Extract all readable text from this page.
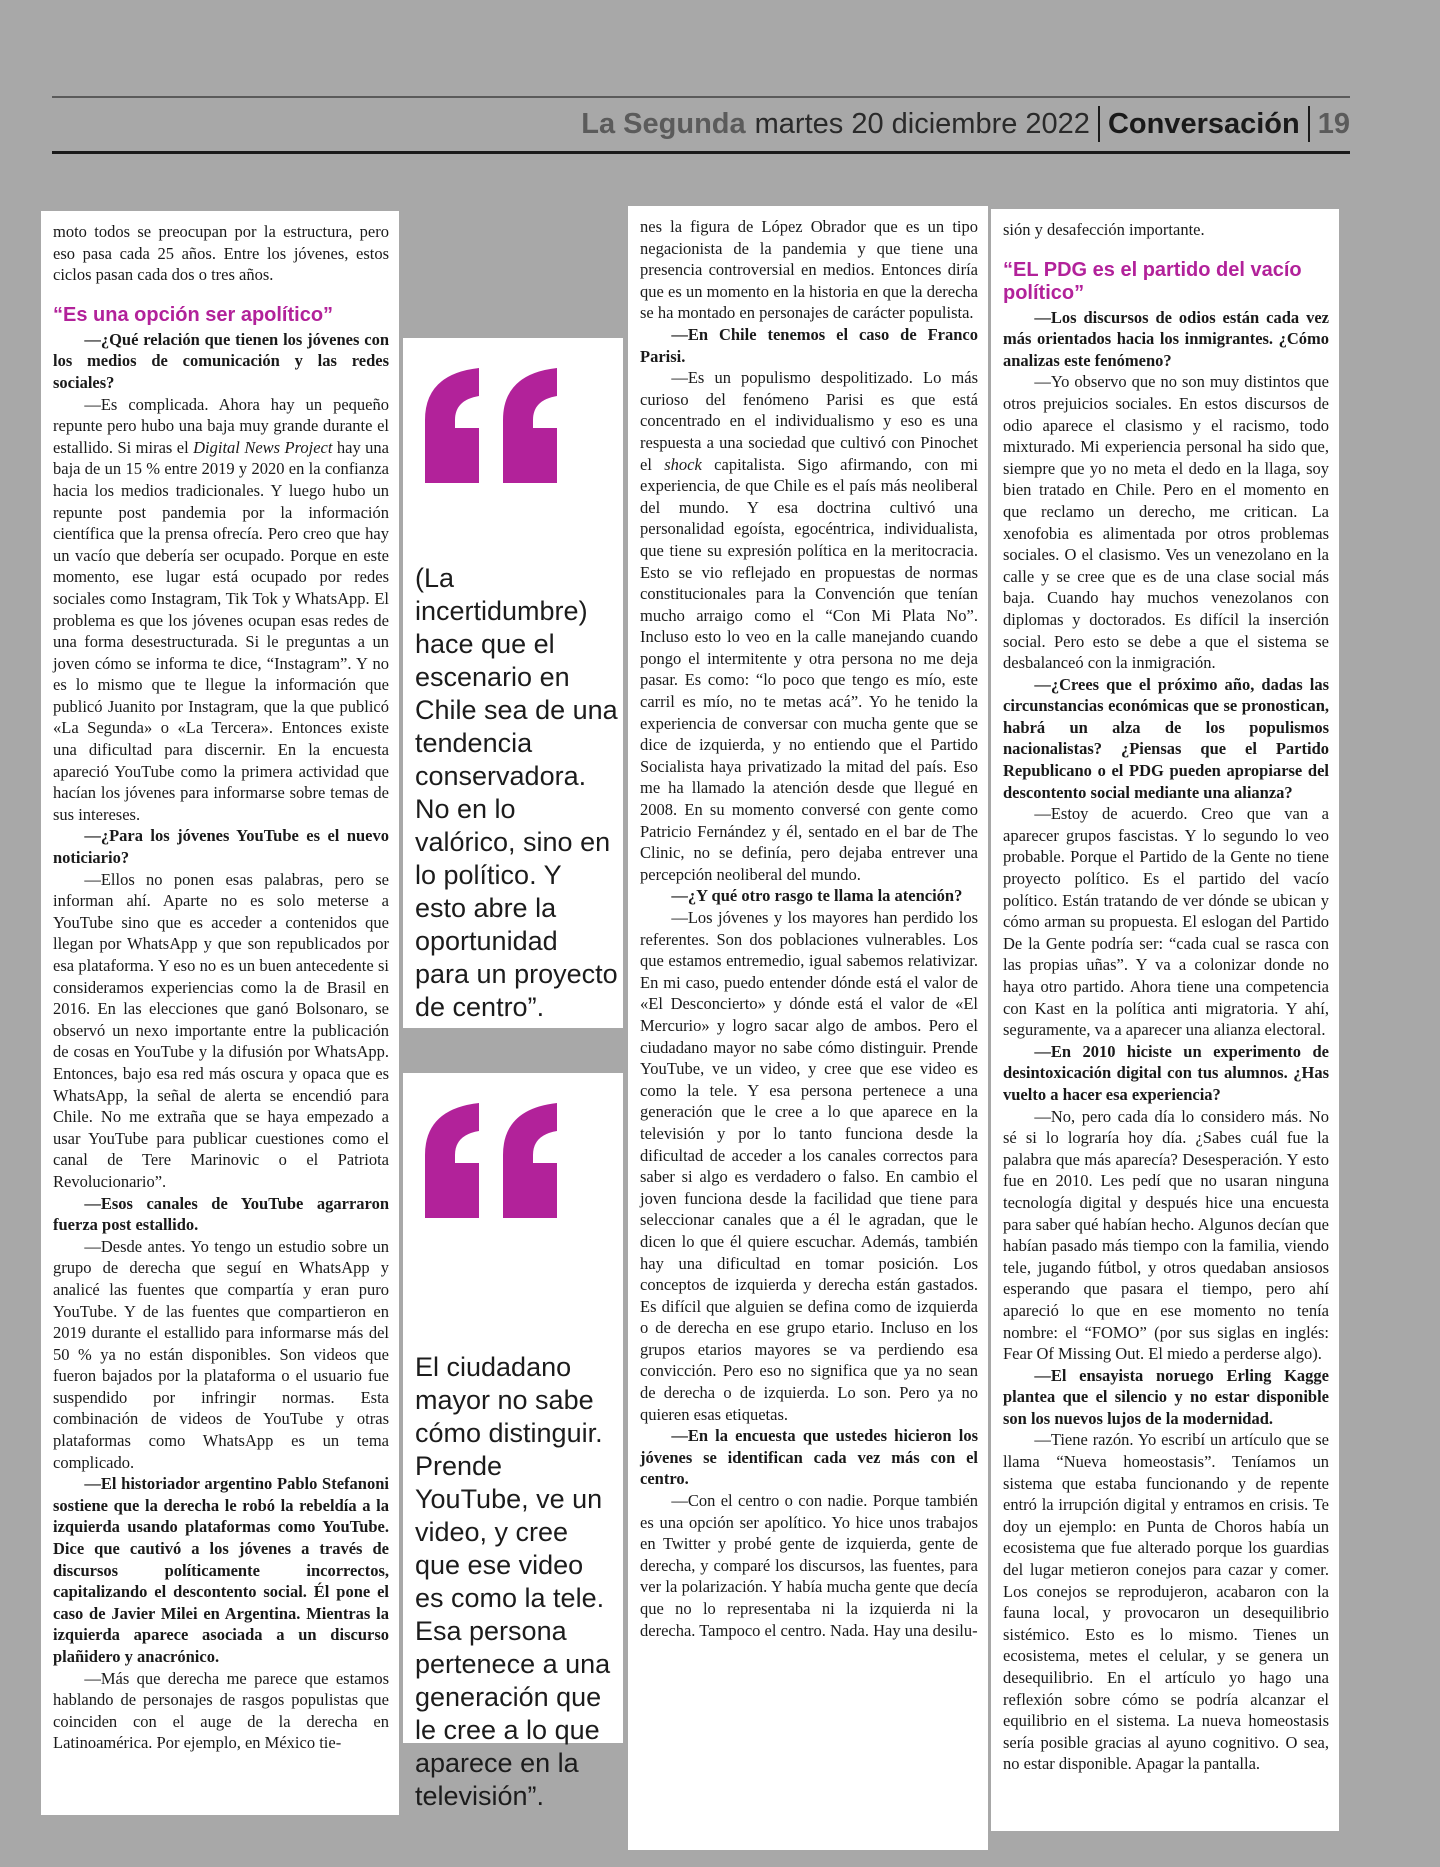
La Segunda martes 20 diciembre 2022 Conversación 19

moto todos se preocupan por la estructura, pero eso pasa cada 25 años. Entre los jóvenes, estos ciclos pasan cada dos o tres años.

“Es una opción ser apolítico”

—¿Qué relación que tienen los jóvenes con los medios de comunicación y las redes sociales?

—Es complicada. Ahora hay un pequeño repunte pero hubo una baja muy grande durante el estallido. Si miras el Digital News Project hay una baja de un 15 % entre 2019 y 2020 en la confianza hacia los medios tradicionales. Y luego hubo un repunte post pandemia por la información científica que la prensa ofrecía. Pero creo que hay un vacío que debería ser ocupado. Porque en este momento, ese lugar está ocupado por redes sociales como Instagram, Tik Tok y WhatsApp. El problema es que los jóvenes ocupan esas redes de una forma desestructurada. Si le preguntas a un joven cómo se informa te dice, “Instagram”. Y no es lo mismo que te llegue la información que publicó Juanito por Instagram, que la que publicó «La Segunda» o «La Tercera». Entonces existe una dificultad para discernir. En la encuesta apareció YouTube como la primera actividad que hacían los jóvenes para informarse sobre temas de sus intereses.

—¿Para los jóvenes YouTube es el nuevo noticiario?

—Ellos no ponen esas palabras, pero se informan ahí. Aparte no es solo meterse a YouTube sino que es acceder a contenidos que llegan por WhatsApp y que son republicados por esa plataforma. Y eso no es un buen antecedente si consideramos experiencias como la de Brasil en 2016. En las elecciones que ganó Bolsonaro, se observó un nexo importante entre la publicación de cosas en YouTube y la difusión por WhatsApp. Entonces, bajo esa red más oscura y opaca que es WhatsApp, la señal de alerta se encendió para Chile. No me extraña que se haya empezado a usar YouTube para publicar cuestiones como el canal de Tere Marinovic o el Patriota Revolucionario”.

—Esos canales de YouTube agarraron fuerza post estallido.

—Desde antes. Yo tengo un estudio sobre un grupo de derecha que seguí en WhatsApp y analicé las fuentes que compartía y eran puro YouTube. Y de las fuentes que compartieron en 2019 durante el estallido para informarse más del 50 % ya no están disponibles. Son videos que fueron bajados por la plataforma o el usuario fue suspendido por infringir normas. Esta combinación de videos de YouTube y otras plataformas como WhatsApp es un tema complicado.

—El historiador argentino Pablo Stefanoni sostiene que la derecha le robó la rebeldía a la izquierda usando plataformas como YouTube. Dice que cautivó a los jóvenes a través de discursos políticamente incorrectos, capitalizando el descontento social. Él pone el caso de Javier Milei en Argentina. Mientras la izquierda aparece asociada a un discurso plañidero y anacrónico.

—Más que derecha me parece que estamos hablando de personajes de rasgos populistas que coinciden con el auge de la derecha en Latinoamérica. Por ejemplo, en México tie-

(La incertidumbre) hace que el escenario en Chile sea de una tendencia conservadora. No en lo valórico, sino en lo político. Y esto abre la oportunidad para un proyecto de centro”.
El ciudadano mayor no sabe cómo distinguir. Prende YouTube, ve un video, y cree que ese video es como la tele. Esa persona pertenece a una generación que le cree a lo que aparece en la televisión”.

nes la figura de López Obrador que es un tipo negacionista de la pandemia y que tiene una presencia controversial en medios. Entonces diría que es un momento en la historia en que la derecha se ha montado en personajes de carácter populista.

—En Chile tenemos el caso de Franco Parisi.

—Es un populismo despolitizado. Lo más curioso del fenómeno Parisi es que está concentrado en el individualismo y eso es una respuesta a una sociedad que cultivó con Pinochet el shock capitalista. Sigo afirmando, con mi experiencia, de que Chile es el país más neoliberal del mundo. Y esa doctrina cultivó una personalidad egoísta, egocéntrica, individualista, que tiene su expresión política en la meritocracia. Esto se vio reflejado en propuestas de normas constitucionales para la Convención que tenían mucho arraigo como el “Con Mi Plata No”. Incluso esto lo veo en la calle manejando cuando pongo el intermitente y otra persona no me deja pasar. Es como: “lo poco que tengo es mío, este carril es mío, no te metas acá”. Yo he tenido la experiencia de conversar con mucha gente que se dice de izquierda, y no entiendo que el Partido Socialista haya privatizado la mitad del país. Eso me ha llamado la atención desde que llegué en 2008. En su momento conversé con gente como Patricio Fernández y él, sentado en el bar de The Clinic, no se definía, pero dejaba entrever una percepción neoliberal del mundo.

—¿Y qué otro rasgo te llama la atención?

—Los jóvenes y los mayores han perdido los referentes. Son dos poblaciones vulnerables. Los que estamos entremedio, igual sabemos relativizar. En mi caso, puedo entender dónde está el valor de «El Desconcierto» y dónde está el valor de «El Mercurio» y logro sacar algo de ambos. Pero el ciudadano mayor no sabe cómo distinguir. Prende YouTube, ve un video, y cree que ese video es como la tele. Y esa persona pertenece a una generación que le cree a lo que aparece en la televisión y por lo tanto funciona desde la dificultad de acceder a los canales correctos para saber si algo es verdadero o falso. En cambio el joven funciona desde la facilidad que tiene para seleccionar canales que a él le agradan, que le dicen lo que él quiere escuchar. Además, también hay una dificultad en tomar posición. Los conceptos de izquierda y derecha están gastados. Es difícil que alguien se defina como de izquierda o de derecha en ese grupo etario. Incluso en los grupos etarios mayores se va perdiendo esa convicción. Pero eso no significa que ya no sean de derecha o de izquierda. Lo son. Pero ya no quieren esas etiquetas.

—En la encuesta que ustedes hicieron los jóvenes se identifican cada vez más con el centro.

—Con el centro o con nadie. Porque también es una opción ser apolítico. Yo hice unos trabajos en Twitter y probé gente de izquierda, gente de derecha, y comparé los discursos, las fuentes, para ver la polarización. Y había mucha gente que decía que no lo representaba ni la izquierda ni la derecha. Tampoco el centro. Nada. Hay una desilu-

sión y desafección importante.

“EL PDG es el partido del vacío político”

—Los discursos de odios están cada vez más orientados hacia los inmigrantes. ¿Cómo analizas este fenómeno?

—Yo observo que no son muy distintos que otros prejuicios sociales. En estos discursos de odio aparece el clasismo y el racismo, todo mixturado. Mi experiencia personal ha sido que, siempre que yo no meta el dedo en la llaga, soy bien tratado en Chile. Pero en el momento en que reclamo un derecho, me critican. La xenofobia es alimentada por otros problemas sociales. O el clasismo. Ves un venezolano en la calle y se cree que es de una clase social más baja. Cuando hay muchos venezolanos con diplomas y doctorados. Es difícil la inserción social. Pero esto se debe a que el sistema se desbalanceó con la inmigración.

—¿Crees que el próximo año, dadas las circunstancias económicas que se pronostican, habrá un alza de los populismos nacionalistas? ¿Piensas que el Partido Republicano o el PDG pueden apropiarse del descontento social mediante una alianza?

—Estoy de acuerdo. Creo que van a aparecer grupos fascistas. Y lo segundo lo veo probable. Porque el Partido de la Gente no tiene proyecto político. Es el partido del vacío político. Están tratando de ver dónde se ubican y cómo arman su propuesta. El eslogan del Partido De la Gente podría ser: “cada cual se rasca con las propias uñas”. Y va a colonizar donde no haya otro partido. Ahora tiene una competencia con Kast en la política anti migratoria. Y ahí, seguramente, va a aparecer una alianza electoral.

—En 2010 hiciste un experimento de desintoxicación digital con tus alumnos. ¿Has vuelto a hacer esa experiencia?

—No, pero cada día lo considero más. No sé si lo lograría hoy día. ¿Sabes cuál fue la palabra que más aparecía? Desesperación. Y esto fue en 2010. Les pedí que no usaran ninguna tecnología digital y después hice una encuesta para saber qué habían hecho. Algunos decían que habían pasado más tiempo con la familia, viendo tele, jugando fútbol, y otros quedaban ansiosos esperando que pasara el tiempo, pero ahí apareció lo que en ese momento no tenía nombre: el “FOMO” (por sus siglas en inglés: Fear Of Missing Out. El miedo a perderse algo).

—El ensayista noruego Erling Kagge plantea que el silencio y no estar disponible son los nuevos lujos de la modernidad.

—Tiene razón. Yo escribí un artículo que se llama “Nueva homeostasis”. Teníamos un sistema que estaba funcionando y de repente entró la irrupción digital y entramos en crisis. Te doy un ejemplo: en Punta de Choros había un ecosistema que fue alterado porque los guardias del lugar metieron conejos para cazar y comer. Los conejos se reprodujeron, acabaron con la fauna local, y provocaron un desequilibrio sistémico. Esto es lo mismo. Tienes un ecosistema, metes el celular, y se genera un desequilibrio. En el artículo yo hago una reflexión sobre cómo se podría alcanzar el equilibrio en el sistema. La nueva homeostasis sería posible gracias al ayuno cognitivo. O sea, no estar disponible. Apagar la pantalla.
